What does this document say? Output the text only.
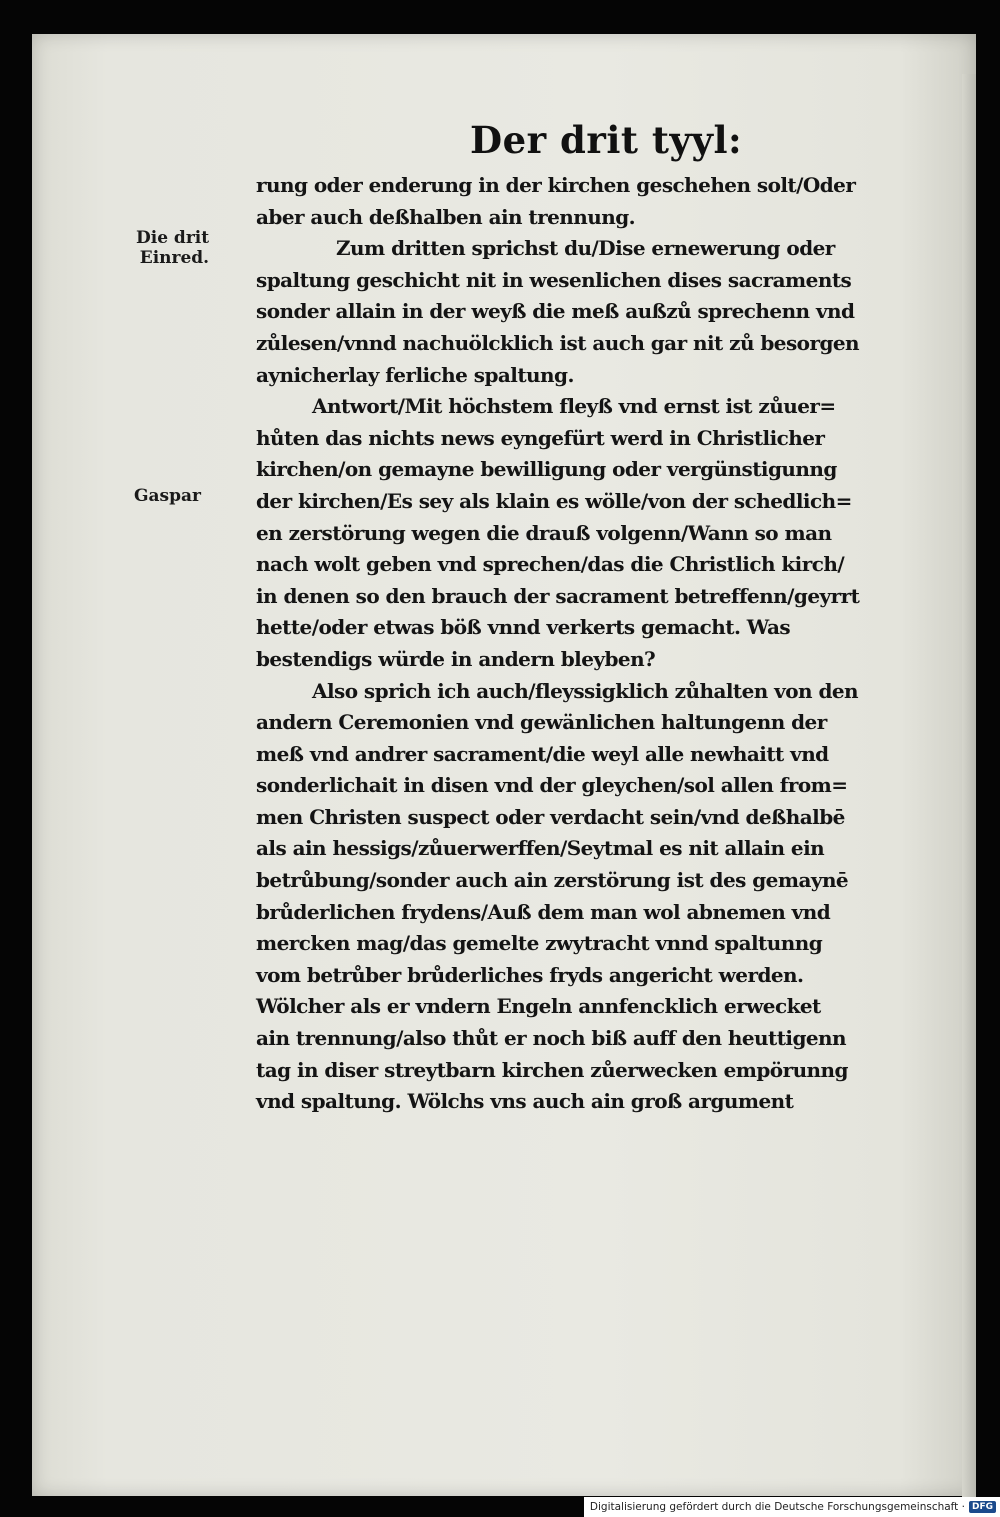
Der drit tyyl:
Die drit
Einred.
Gaspar
rung oder enderung in der kirchen geschehen solt/Oder
aber auch deßhalben ain trennung.
Zum dritten sprichst du/Dise ernewerung oder
spaltung geschicht nit in wesenlichen dises sacraments
sonder allain in der weyß die meß außzů sprechenn vnd
zůlesen/vnnd nachuölcklich ist auch gar nit zů besorgen
aynicherlay ferliche spaltung.
Antwort/Mit höchstem fleyß vnd ernst ist zůuer=
hůten das nichts news eyngefürt werd in Christlicher
kirchen/on gemayne bewilligung oder vergünstigunng
der kirchen/Es sey als klain es wölle/von der schedlich=
en zerstörung wegen die drauß volgenn/Wann so man
nach wolt geben vnd sprechen/das die Christlich kirch/
in denen so den brauch der sacrament betreffenn/geyrrt
hette/oder etwas böß vnnd verkerts gemacht. Was
bestendigs würde in andern bleyben?
Also sprich ich auch/fleyssigklich zůhalten von den
andern Ceremonien vnd gewänlichen haltungenn der
meß vnd andrer sacrament/die weyl alle newhaitt vnd
sonderlichait in disen vnd der gleychen/sol allen from=
men Christen suspect oder verdacht sein/vnd deßhalbē
als ain hessigs/zůuerwerffen/Seytmal es nit allain ein
betrůbung/sonder auch ain zerstörung ist des gemaynē
brůderlichen frydens/Auß dem man wol abnemen vnd
mercken mag/das gemelte zwytracht vnnd spaltunng
vom betrůber brůderliches fryds angericht werden.
Wölcher als er vndern Engeln annfencklich erwecket
ain trennung/also thůt er noch biß auff den heuttigenn
tag in diser streytbarn kirchen zůerwecken empörunng
vnd spaltung. Wölchs vns auch ain groß argument
Digitalisierung gefördert durch die Deutsche Forschungsgemeinschaft · DFG
